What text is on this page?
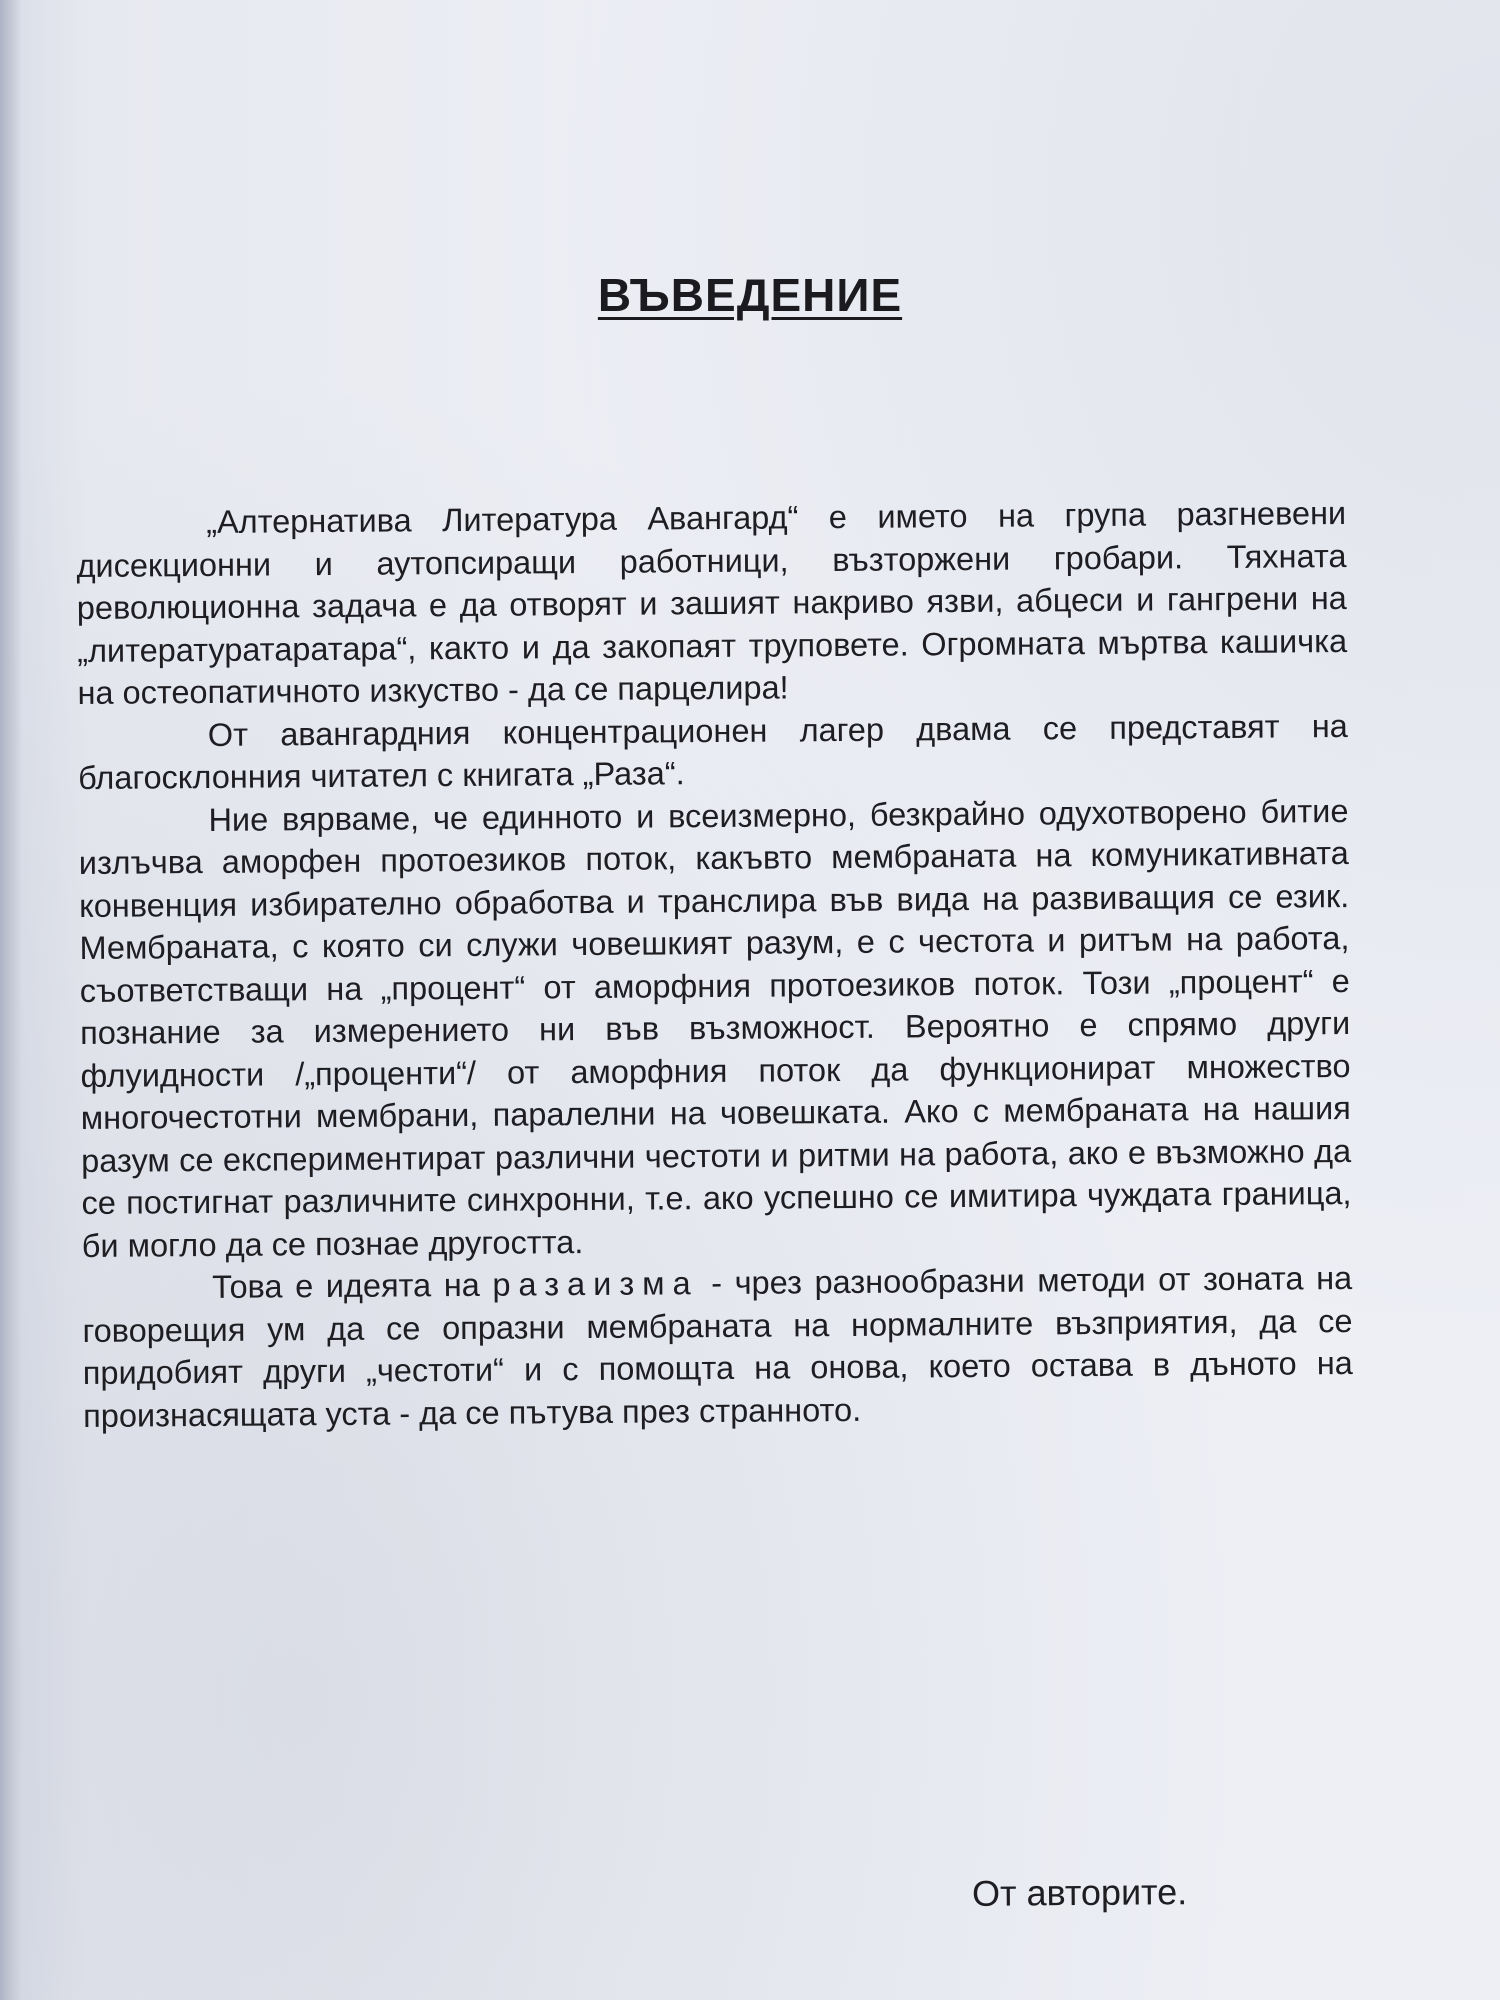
ВЪВЕДЕНИЕ

„Алтернатива Литература Авангард“ е името на група разгневени дисекционни и аутопсиращи работници, възторжени гробари. Тяхната революционна задача е да отворят и зашият накриво язви, абцеси и гангрени на „литературатаратара“, както и да закопаят труповете. Огромната мъртва кашичка на остеопатичното изкуство - да се парцелира!

От авангардния концентрационен лагер двама се представят на благосклонния читател с книгата „Раза“.

Ние вярваме, че единното и всеизмерно, безкрайно одухотворено битие излъчва аморфен протоезиков поток, какъвто мембраната на комуникативната конвенция избирателно обработва и транслира във вида на развиващия се език. Мембраната, с която си служи човешкият разум, е с честота и ритъм на работа, съответстващи на „процент“ от аморфния протоезиков поток. Този „процент“ е познание за измерението ни във възможност. Вероятно е спрямо други флуидности /„проценти“/ от аморфния поток да функционират множество многочестотни мембрани, паралелни на човешката. Ако с мембраната на нашия разум се експериментират различни честоти и ритми на работа, ако е възможно да се постигнат различните синхронни, т.е. ако успешно се имитира чуждата граница, би могло да се познае другостта.

Това е идеята на разаизма - чрез разнообразни методи от зоната на говорещия ум да се опразни мембраната на нормалните възприятия, да се придобият други „честоти“ и с помощта на онова, което остава в дъното на произнасящата уста - да се пътува през странното.

От авторите.
